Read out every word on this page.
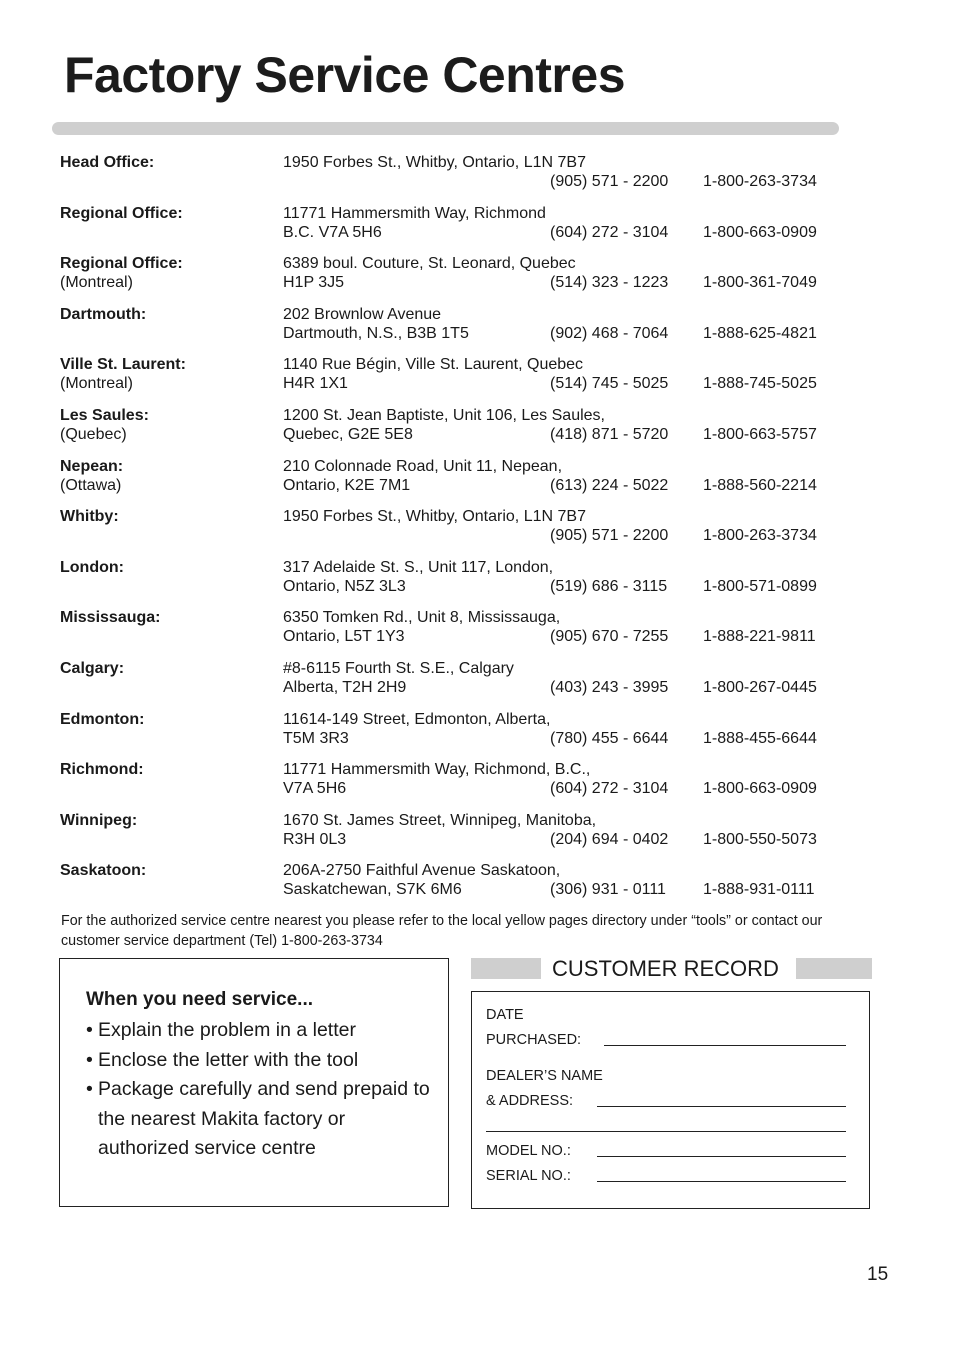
Factory Service Centres
Head Office:	1950 Forbes St., Whitby, Ontario, L1N 7B7
(905) 571 - 2200 1-800-263-3734
Regional Office:	11771 Hammersmith Way, Richmond
B.C. V7A 5H6	(604) 272 - 3104 1-800-663-0909
Regional Office:
(Montreal)
6389 boul. Couture, St. Leonard, Quebec
H1P 3J5	(514) 323 - 1223 1-800-361-7049
Dartmouth:	202 Brownlow Avenue
Dartmouth, N.S., B3B 1T5	(902) 468 - 7064 1-888-625-4821
Ville St. Laurent:
(Montreal)
1140 Rue Bégin, Ville St. Laurent, Quebec
H4R 1X1	(514) 745 - 5025 1-888-745-5025
Les Saules:
(Quebec)
1200 St. Jean Baptiste, Unit 106, Les Saules,
Quebec, G2E 5E8	(418) 871 - 5720 1-800-663-5757
Nepean:
(Ottawa)
210 Colonnade Road, Unit 11, Nepean,
Ontario, K2E 7M1	(613) 224 - 5022 1-888-560-2214
Whitby:	1950 Forbes St., Whitby, Ontario, L1N 7B7
(905) 571 - 2200 1-800-263-3734
London:	317 Adelaide St. S., Unit 117, London,
Ontario, N5Z 3L3	(519) 686 - 3115 1-800-571-0899
Mississauga:	6350 Tomken Rd., Unit 8, Mississauga,
Ontario, L5T 1Y3	(905) 670 - 7255 1-888-221-9811
Calgary:	#8-6115 Fourth St. S.E., Calgary
Alberta, T2H 2H9	(403) 243 - 3995 1-800-267-0445
Edmonton:	11614-149 Street, Edmonton, Alberta,
T5M 3R3	(780) 455 - 6644 1-888-455-6644
Richmond:	11771 Hammersmith Way, Richmond, B.C.,
V7A 5H6	(604) 272 - 3104 1-800-663-0909
Winnipeg:	1670 St. James Street, Winnipeg, Manitoba,
R3H 0L3	(204) 694 - 0402 1-800-550-5073
Saskatoon:	206A-2750 Faithful Avenue Saskatoon,
Saskatchewan, S7K 6M6	(306) 931 - 0111 1-888-931-0111

For the authorized service centre nearest you please refer to the local yellow pages directory under “tools” or contact our customer service department (Tel) 1-800-263-3734

When you need service...
• Explain the problem in a letter
• Enclose the letter with the tool
• Package carefully and send prepaid to the nearest Makita factory or authorized service centre
CUSTOMER RECORD
DATE
PURCHASED:
DEALER’S NAME
& ADDRESS:
MODEL NO.:
SERIAL NO.:
15
